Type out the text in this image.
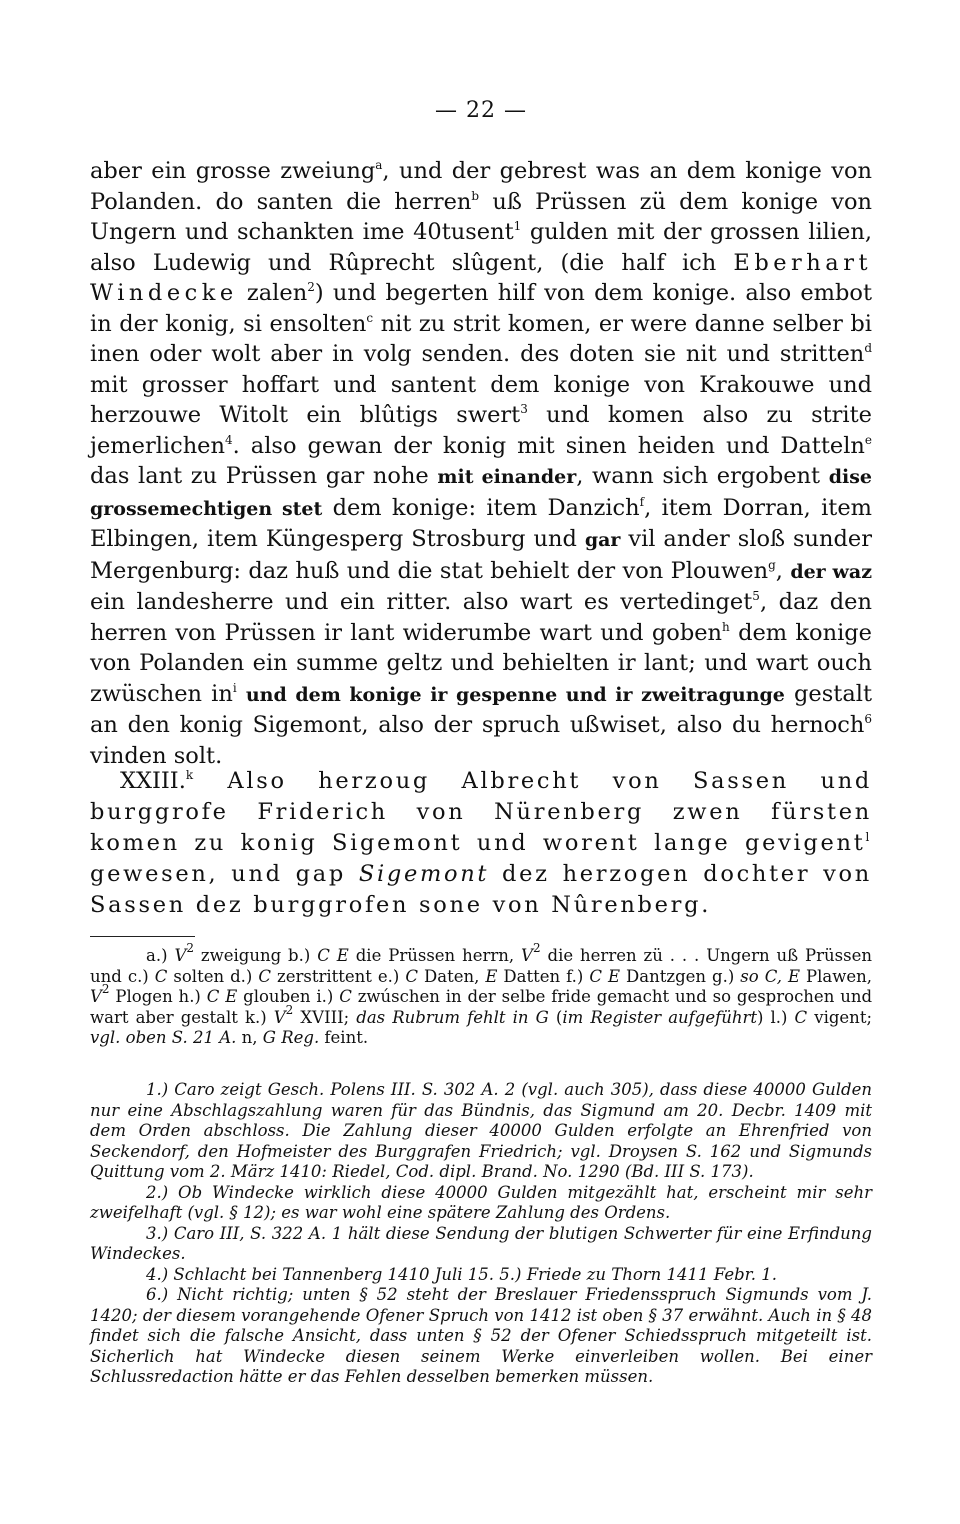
— 22 —

aber ein grosse zweiung$^a$, und der gebrest was an dem konige von Polanden. do santen die herren$^b$ uß Prüssen zü dem konige von Ungern und schankten ime 40tusent$^1$ gulden mit der grossen lilien, also Ludewig und Rûprecht slûgent, (die half ich Eberhart Windecke zalen$^2$) und begerten hilf von dem konige. also embot in der konig, si ensolten$^c$ nit zu strit komen, er were danne selber bi inen oder wolt aber in volg senden. des doten sie nit und stritten$^d$ mit grosser hoffart und santent dem konige von Krakouwe und herzouwe Witolt ein blûtigs swert$^3$ und komen also zu strite jemerlichen$^4$. also gewan der konig mit sinen heiden und Datteln$^e$ das lant zu Prüssen gar nohe mit einander, wann sich ergobent dise grossemechtigen stet dem konige: item Danzich$^f$, item Dorran, item Elbingen, item Küngesperg Strosburg und gar vil ander sloß sunder Mergenburg: daz huß und die stat behielt der von Plouwen$^g$, der waz ein landesherre und ein ritter. also wart es vertedinget$^5$, daz den herren von Prüssen ir lant widerumbe wart und goben$^h$ dem konige von Polanden ein summe geltz und behielten ir lant; und wart ouch zwüschen $in^i$ und dem konige ir gespenne und ir zweitragunge gestalt an den konig Sigemont, also der spruch ußwiset, also du hernoch$^6$ vinden solt.

XXIII.$^k$ Also herzoug Albrecht von Sassen und burggrofe Friderich von Nürenberg zwen fürsten komen zu konig Sigemont und worent lange gevigent$^l$ gewesen, und gap Sigemont dez herzogen dochter von Sassen dez burggrofen sone von Nûrenberg.

a.) $V^2$ zweigung b.) C E die Prüssen herrn, $V^2$ die herren zü . . . Ungern uß Prüssen und c.) C solten d.) C zerstrittent e.) C Daten, E Datten f.) C E Dantzgen g.) so C, E Plawen, $V^2$ Plogen h.) C E glouben i.) C zwúschen in der selbe fride gemacht und so gesprochen und wart aber gestalt k.) $V^2$ XVIII; das Rubrum fehlt in G (im Register aufgeführt) l.) C vigent; vgl. oben S. 21 A. n, G Reg. feint.

1.) Caro zeigt Gesch. Polens III. S. 302 A. 2 (vgl. auch 305), dass diese 40000 Gulden nur eine Abschlagszahlung waren für das Bündnis, das Sigmund am 20. Decbr. 1409 mit dem Orden abschloss. Die Zahlung dieser 40000 Gulden erfolgte an Ehrenfried von Seckendorf, den Hofmeister des Burggrafen Friedrich; vgl. Droysen S. 162 und Sigmunds Quittung vom 2. März 1410: Riedel, Cod. dipl. Brand. No. 1290 (Bd. III S. 173).

2.) Ob Windecke wirklich diese 40000 Gulden mitgezählt hat, erscheint mir sehr zweifelhaft (vgl. § 12); es war wohl eine spätere Zahlung des Ordens.

3.) Caro III, S. 322 A. 1 hält diese Sendung der blutigen Schwerter für eine Erfindung Windeckes.

4.) Schlacht bei Tannenberg 1410 Juli 15. 5.) Friede zu Thorn 1411 Febr. 1.

6.) Nicht richtig; unten § 52 steht der Breslauer Friedensspruch Sigmunds vom J. 1420; der diesem vorangehende Ofener Spruch von 1412 ist oben § 37 erwähnt. Auch in § 48 findet sich die falsche Ansicht, dass unten § 52 der Ofener Schiedsspruch mitgeteilt ist. Sicherlich hat Windecke diesen seinem Werke einverleiben wollen. Bei einer Schlussredaction hätte er das Fehlen desselben bemerken müssen.
